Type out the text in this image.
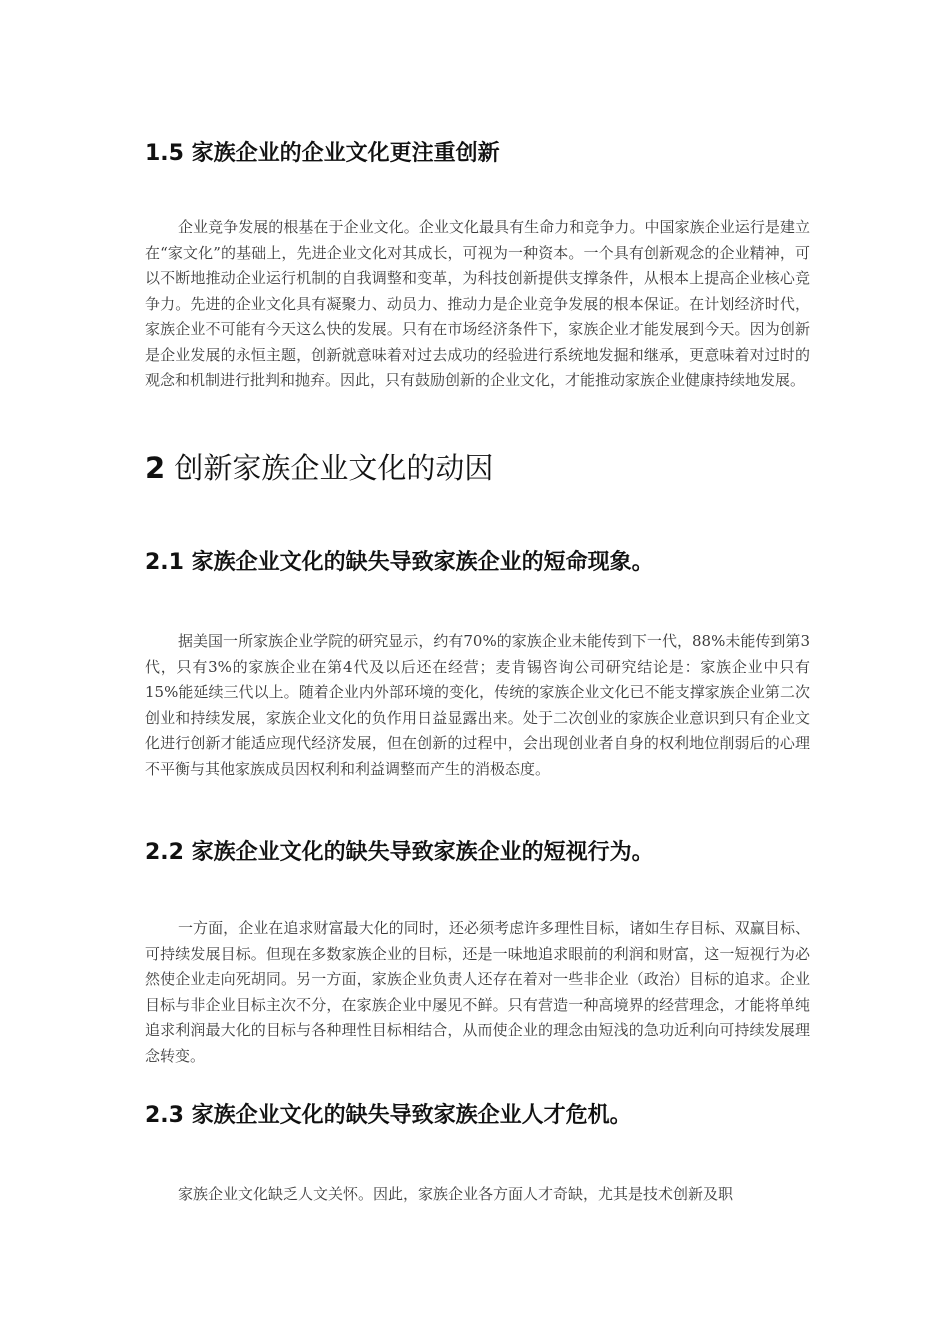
1.5 家族企业的企业文化更注重创新

企业竞争发展的根基在于企业文化。企业文化最具有生命力和竞争力。中国家族企业运行是建立在“家文化”的基础上，先进企业文化对其成长，可视为一种资本。一个具有创新观念的企业精神，可以不断地推动企业运行机制的自我调整和变革，为科技创新提供支撑条件，从根本上提高企业核心竞争力。先进的企业文化具有凝聚力、动员力、推动力是企业竞争发展的根本保证。在计划经济时代，家族企业不可能有今天这么快的发展。只有在市场经济条件下，家族企业才能发展到今天。因为创新是企业发展的永恒主题，创新就意味着对过去成功的经验进行系统地发掘和继承，更意味着对过时的观念和机制进行批判和抛弃。因此，只有鼓励创新的企业文化，才能推动家族企业健康持续地发展。

2 创新家族企业文化的动因
2.1 家族企业文化的缺失导致家族企业的短命现象。

据美国一所家族企业学院的研究显示，约有70%的家族企业未能传到下一代，88%未能传到第3代，只有3%的家族企业在第4代及以后还在经营；麦肯锡咨询公司研究结论是：家族企业中只有15%能延续三代以上。随着企业内外部环境的变化，传统的家族企业文化已不能支撑家族企业第二次创业和持续发展，家族企业文化的负作用日益显露出来。处于二次创业的家族企业意识到只有企业文化进行创新才能适应现代经济发展，但在创新的过程中，会出现创业者自身的权利地位削弱后的心理不平衡与其他家族成员因权利和利益调整而产生的消极态度。

2.2 家族企业文化的缺失导致家族企业的短视行为。

一方面，企业在追求财富最大化的同时，还必须考虑许多理性目标，诸如生存目标、双赢目标、可持续发展目标。但现在多数家族企业的目标，还是一味地追求眼前的利润和财富，这一短视行为必然使企业走向死胡同。另一方面，家族企业负责人还存在着对一些非企业（政治）目标的追求。企业目标与非企业目标主次不分，在家族企业中屡见不鲜。只有营造一种高境界的经营理念，才能将单纯追求利润最大化的目标与各种理性目标相结合，从而使企业的理念由短浅的急功近利向可持续发展理念转变。

2.3 家族企业文化的缺失导致家族企业人才危机。

家族企业文化缺乏人文关怀。因此，家族企业各方面人才奇缺，尤其是技术创新及职
